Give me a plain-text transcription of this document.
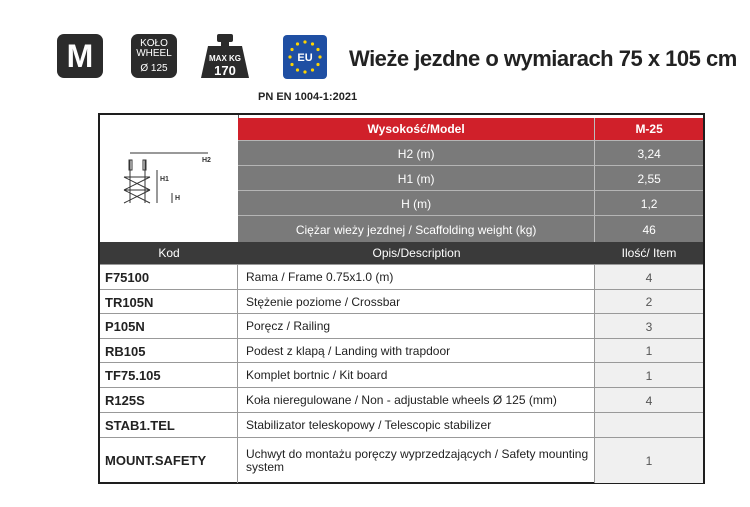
M	KOŁO
WHEEL
Ø 125
MAX KG
170
EU Wieże jezdne o wymiarach 75 x 105 cm
PN EN 1004-1:2021
H2
H1
H
Wysokość/Model	M-25
H2 (m)	3,24
H1 (m)	2,55
H (m)	1,2
Ciężar wieży jezdnej / Scaffolding weight (kg)	46
Kod	Opis/Description	Ilość/ Item
F75100	Rama / Frame 0.75x1.0 (m)	4
TR105N	Stężenie poziome / Crossbar	2
P105N	Poręcz / Railing	3
RB105	Podest z klapą / Landing with trapdoor	1
TF75.105	Komplet bortnic / Kit board	1
R125S	Koła nieregulowane / Non - adjustable wheels Ø 125 (mm)	4
STAB1.TEL	Stabilizator teleskopowy / Telescopic stabilizer
MOUNT.SAFETY	Uchwyt do montażu poręczy wyprzedzających / Safety mounting system	1
